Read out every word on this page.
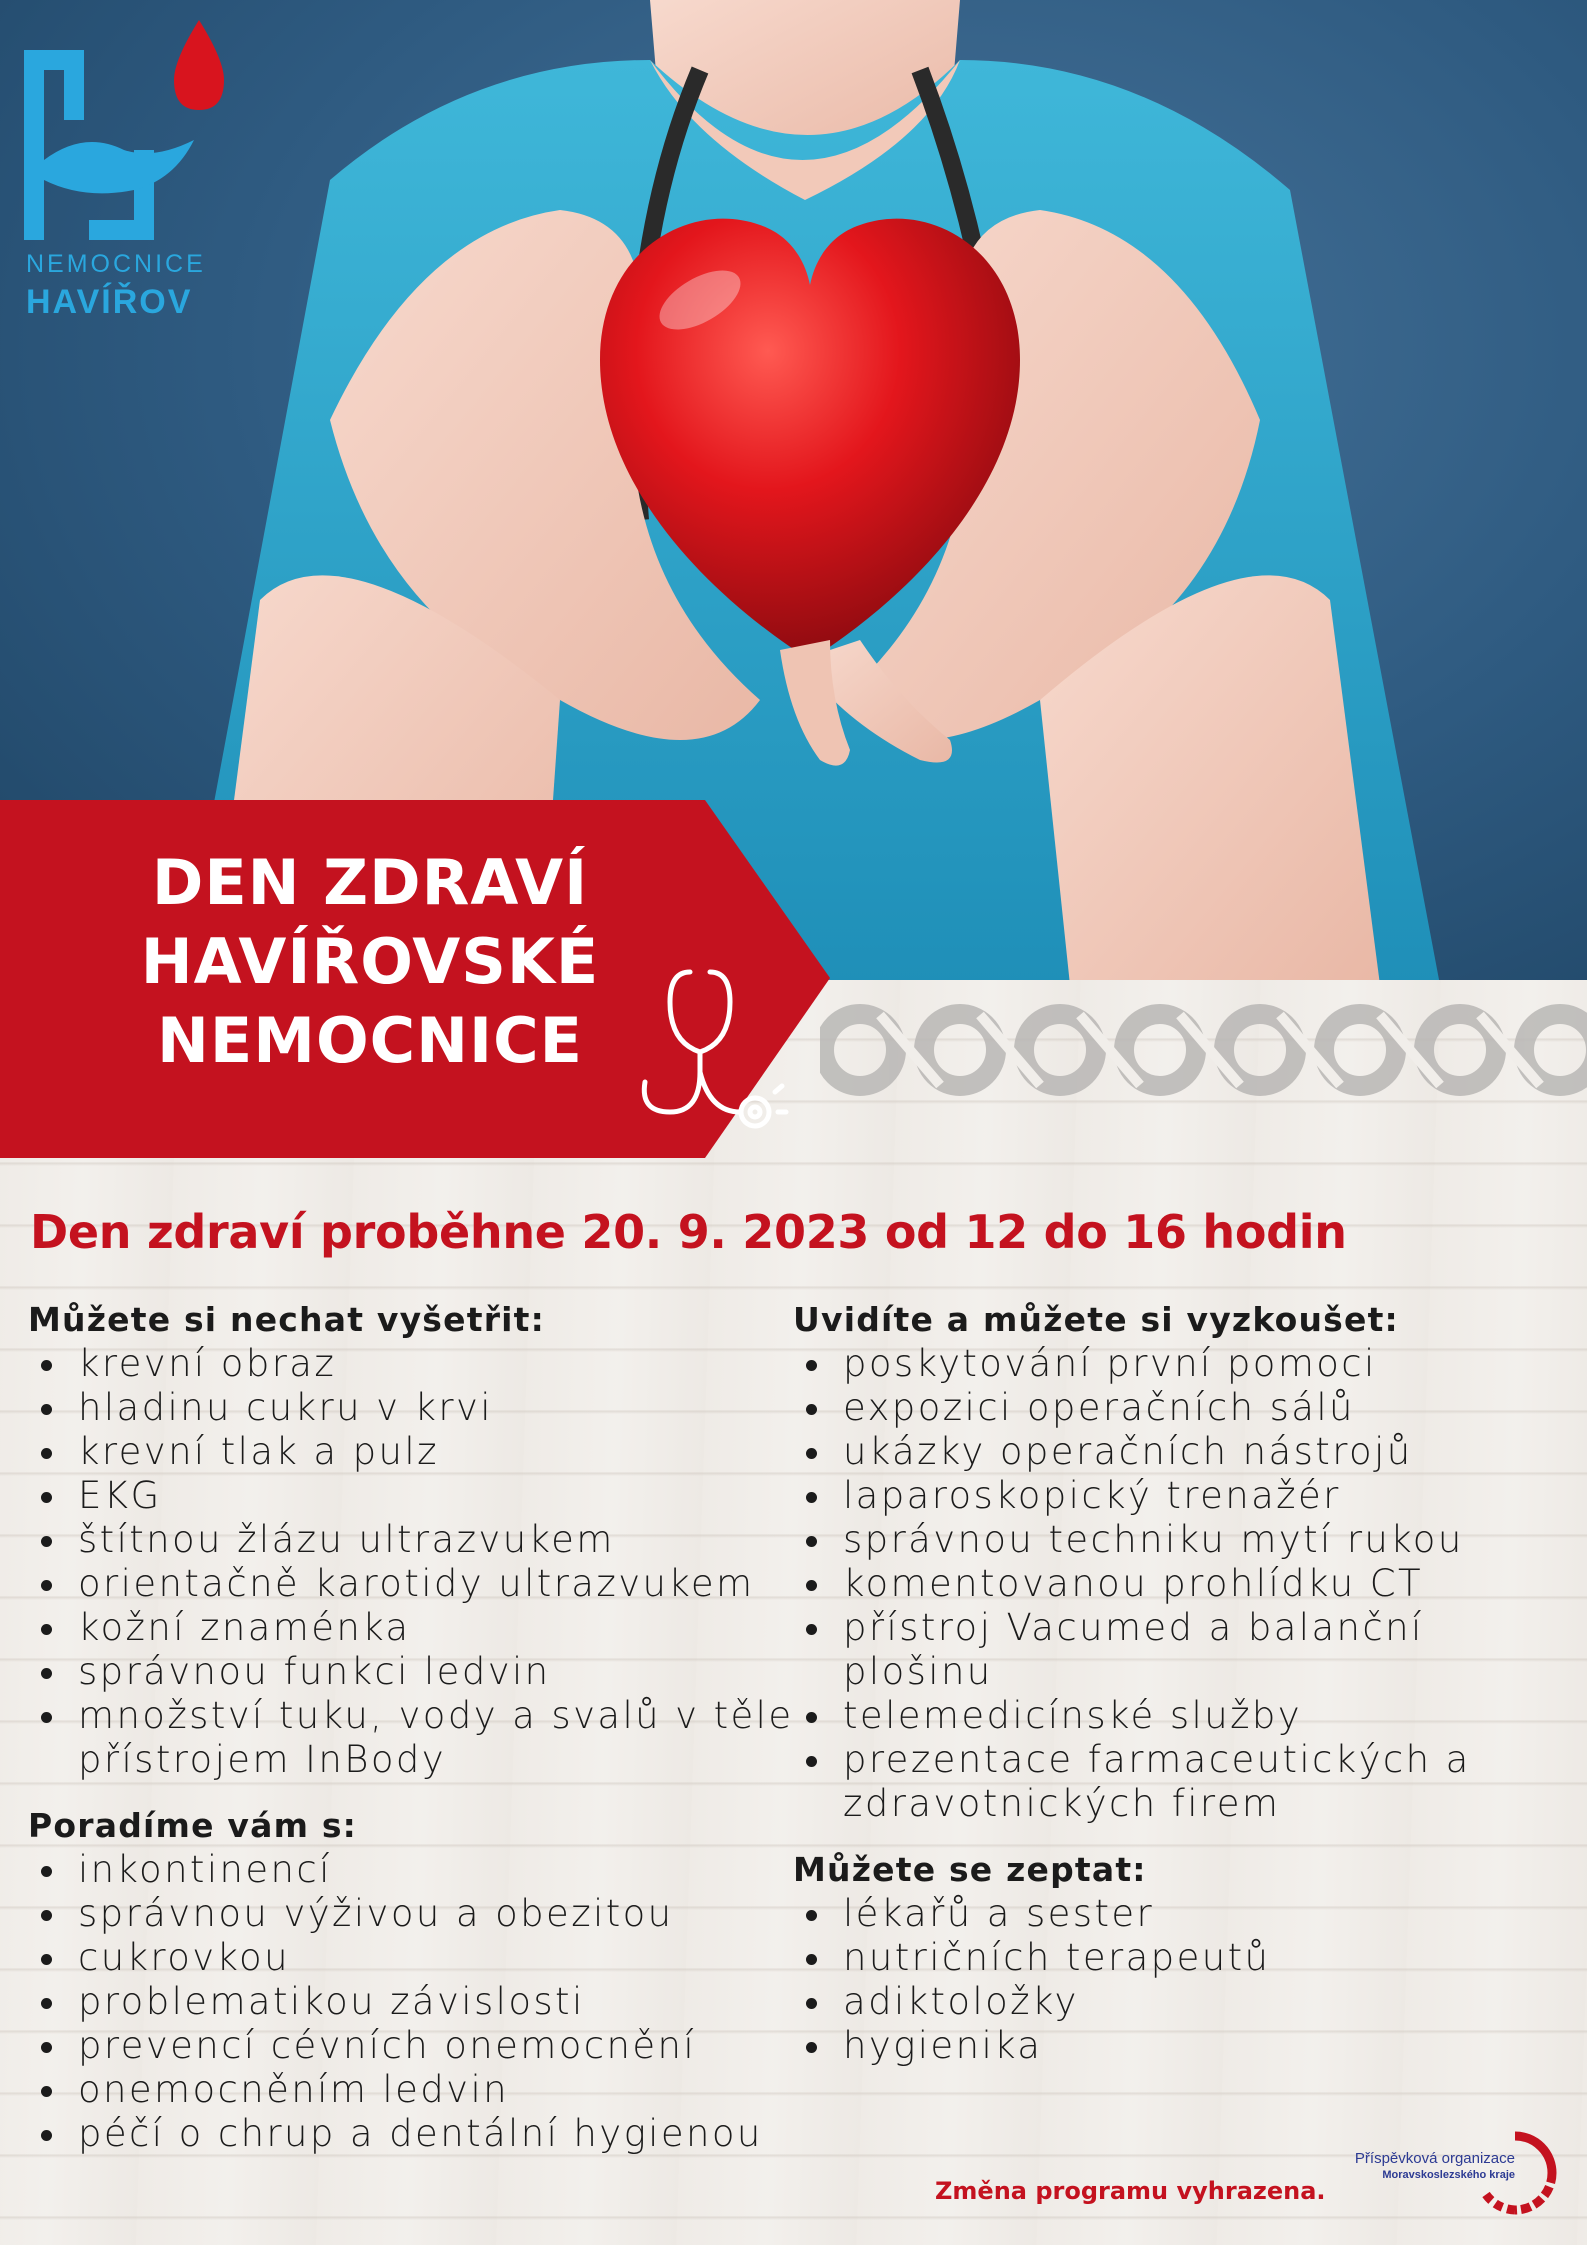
NEMOCNICE
HAVÍŘOV
DEN ZDRAVÍ
HAVÍŘOVSKÉ
NEMOCNICE
Den zdraví proběhne 20. 9. 2023 od 12 do 16 hodin
Můžete si nechat vyšetřit:
krevní obraz
hladinu cukru v krvi
krevní tlak a pulz
EKG
štítnou žlázu ultrazvukem
orientačně karotidy ultrazvukem
kožní znaménka
správnou funkci ledvin
množství tuku, vody a svalů v těle přístrojem InBody
Poradíme vám s:
inkontinencí
správnou výživou a obezitou
cukrovkou
problematikou závislosti
prevencí cévních onemocnění
onemocněním ledvin
péčí o chrup a dentální hygienou
Uvidíte a můžete si vyzkoušet:
poskytování první pomoci
expozici operačních sálů
ukázky operačních nástrojů
laparoskopický trenažér
správnou techniku mytí rukou
komentovanou prohlídku CT
přístroj Vacumed a balanční plošinu
telemedicínské služby
prezentace farmaceutických a zdravotnických firem
Můžete se zeptat:
lékařů a sester
nutričních terapeutů
adiktoložky
hygienika
Příspěvková organizace
Moravskoslezského kraje
Změna programu vyhrazena.
